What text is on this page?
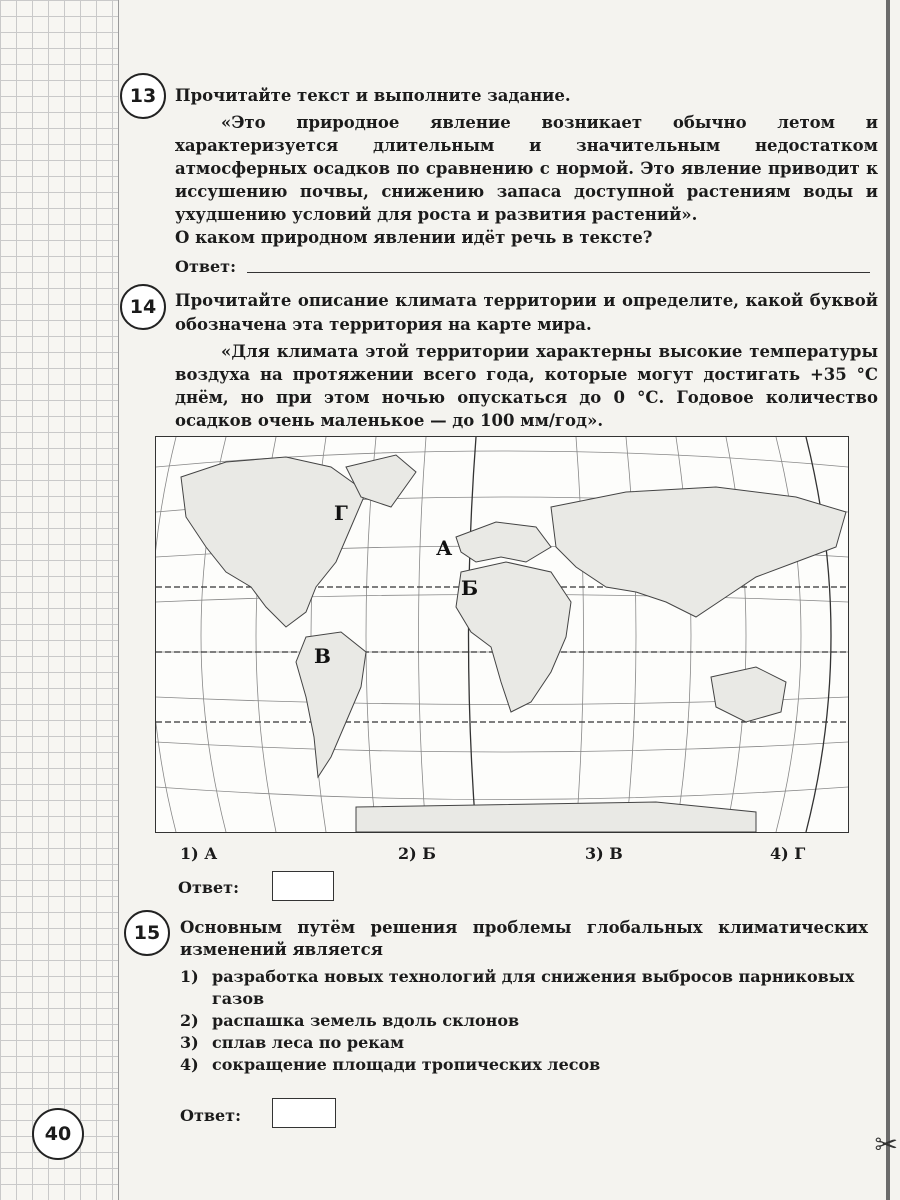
✂
13	Прочитайте текст и выполните задание.
«Это природное явление возникает обычно летом и характеризуется длительным и значительным недостатком атмосферных осадков по сравнению с нормой. Это явление приводит к иссушению почвы, снижению запаса доступной растениям воды и ухудшению условий для роста и развития растений».
О каком природном явлении идёт речь в тексте?
Ответ:
14	Прочитайте описание климата территории и определите, какой буквой обозначена эта территория на карте мира.
«Для климата этой территории характерны высокие температуры воздуха на протяжении всего года, которые могут достигать +35 °С днём, но при этом ночью опускаться до 0 °С. Годовое количество осадков очень маленькое — до 100 мм/год».
Г
А
Б
В
1) А	2) Б	3) В	4) Г
Ответ:
15	Основным путём решения проблемы глобальных климатических изменений является
1) разработка новых технологий для снижения выбросов парниковых газов
2) распашка земель вдоль склонов
3) сплав леса по рекам
4) сокращение площади тропических лесов
Ответ:
40
